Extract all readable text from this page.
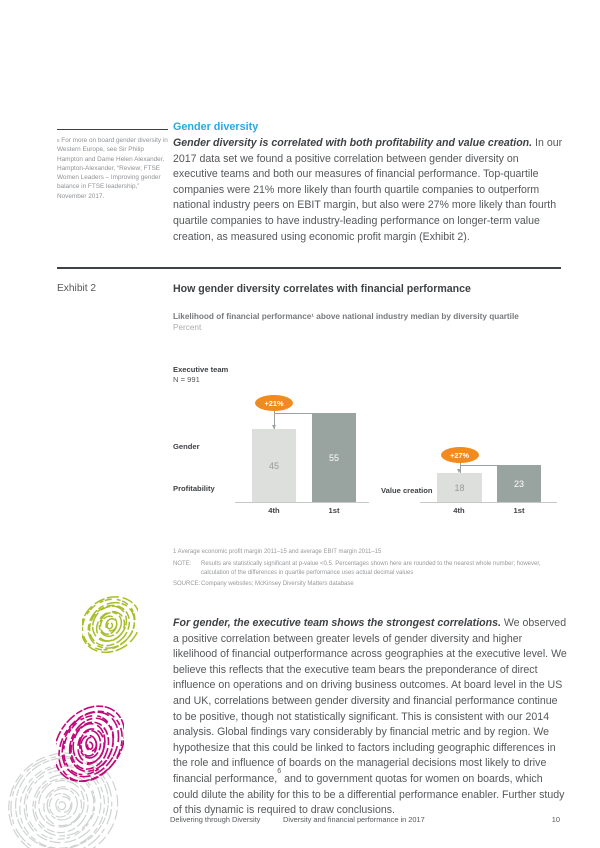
$^5$ For more on board gender diversity in Western Europe, see Sir Philip Hampton and Dame Helen Alexander, Hampton-Alexander, “Review; FTSE Women Leaders – Improving gender balance in FTSE leadership,” November 2017.
Gender diversity

Gender diversity is correlated with both profitability and value creation. In our 2017 data set we found a positive correlation between gender diversity on executive teams and both our measures of financial performance. Top-quartile companies were 21% more likely than fourth quartile companies to outperform national industry peers on EBIT margin, but also were 27% more likely than fourth quartile companies to have industry-leading performance on longer-term value creation, as measured using economic profit margin (Exhibit 2).

Exhibit 2	How gender diversity correlates with financial performance
Likelihood of financial performance¹ above national industry median by diversity quartile
Percent
Executive team
N = 991
Gender
Profitability	Value creation
45
55
18	23
+21%
+27%
4th	1st	4th	1st
1 Average economic profit margin 2011–15 and average EBIT margin 2011–15
NOTE:	Results are statistically significant at p-value <0.5. Percentages shown here are rounded to the nearest whole number; however, calculation of the differences in quartile performance uses actual decimal values
SOURCE: Company websites; McKinsey Diversity Matters database

For gender, the executive team shows the strongest correlations. We observed a positive correlation between greater levels of gender diversity and higher likelihood of financial outperformance across geographies at the executive level. We believe this reflects that the executive team bears the preponderance of direct influence on operations and on driving business outcomes. At board level in the US and UK, correlations between gender diversity and financial performance continue to be positive, though not statistically significant. This is consistent with our 2014 analysis. Global findings vary considerably by financial metric and by region. We hypothesize that this could be linked to factors including geographic differences in the role and influence of boards on the managerial decisions most likely to drive financial performance,$^6$ and to government quotas for women on boards, which could dilute the ability for this to be a differential performance enabler. Further study of this dynamic is required to draw conclusions.

Delivering through Diversity	Diversity and financial performance in 2017	10
